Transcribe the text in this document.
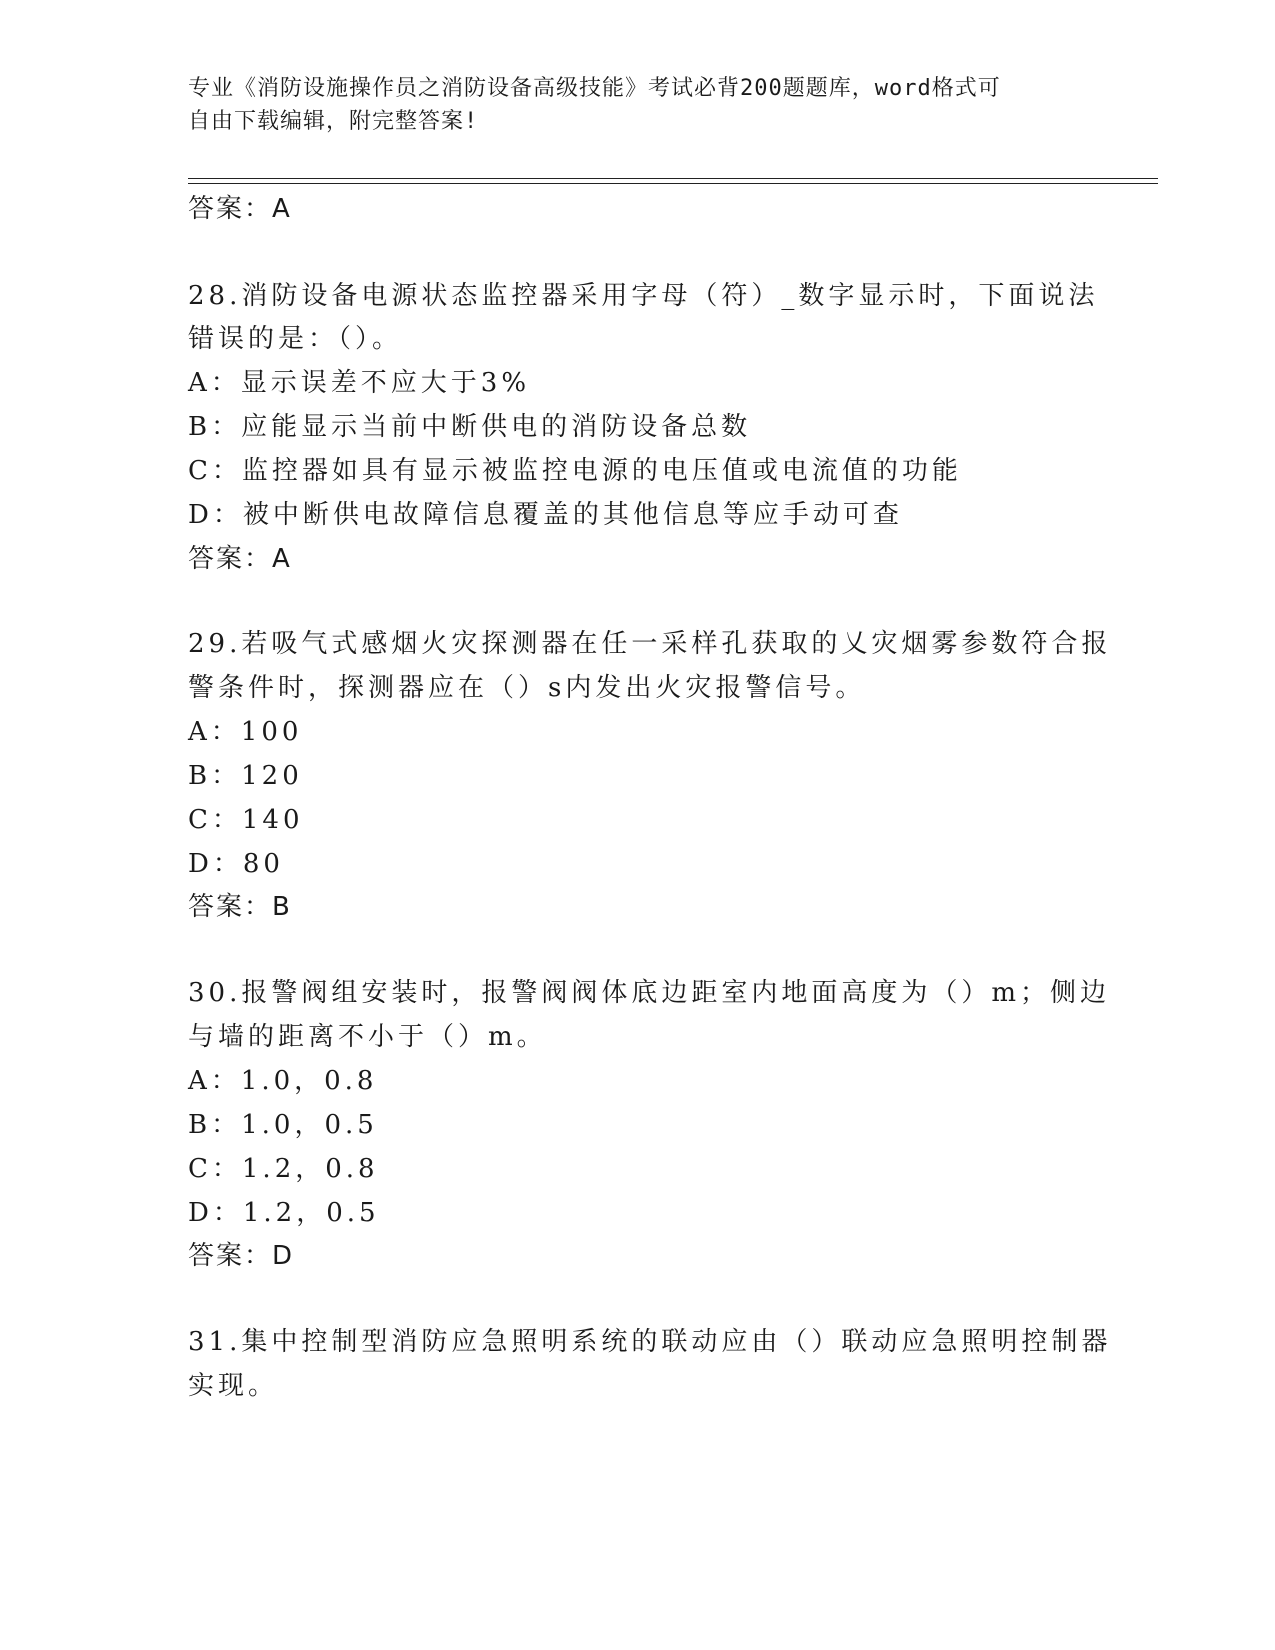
专业《消防设施操作员之消防设备高级技能》考试必背200题题库，word格式可
自由下载编辑，附完整答案!
答案：A
28.消防设备电源状态监控器采用字母（符）_数字显示时，下面说法
错误的是：（）。
A：显示误差不应大于3%
B：应能显示当前中断供电的消防设备总数
C：监控器如具有显示被监控电源的电压值或电流值的功能
D：被中断供电故障信息覆盖的其他信息等应手动可查
答案：A
29.若吸气式感烟火灾探测器在任一采样孔获取的乂灾烟雾参数符合报
警条件时，探测器应在（）s内发出火灾报警信号。
A：100
B：120
C：140
D：80
答案：B
30.报警阀组安装时，报警阀阀体底边距室内地面高度为（）m；侧边
与墙的距离不小于（）m。
A：1.0，0.8
B：1.0，0.5
C：1.2，0.8
D：1.2，0.5
答案：D
31.集中控制型消防应急照明系统的联动应由（）联动应急照明控制器
实现。
